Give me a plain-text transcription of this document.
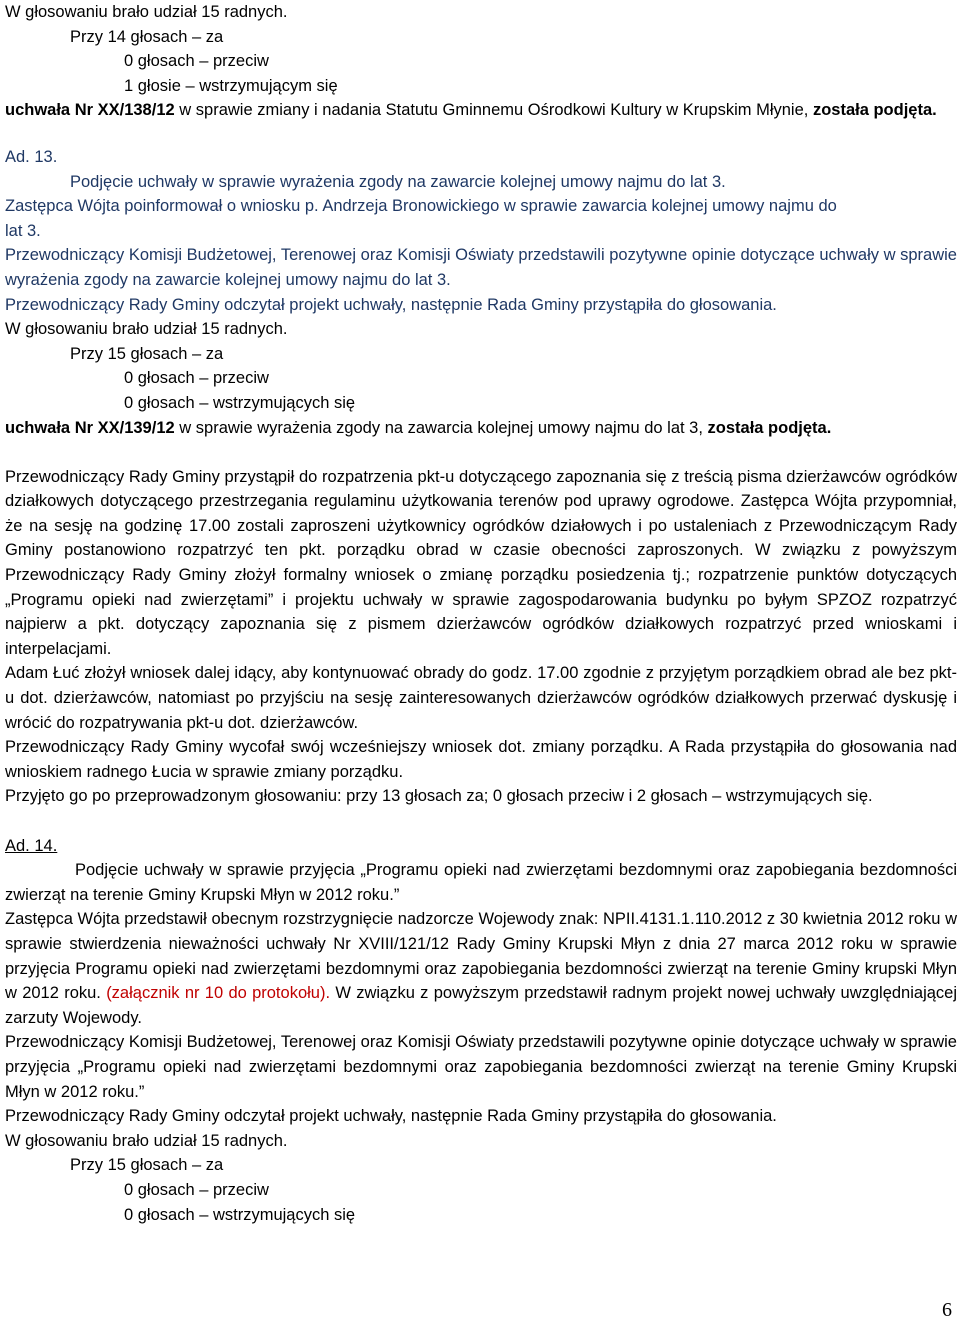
W głosowaniu brało udział 15 radnych.

Przy 14 głosach – za

0 głosach – przeciw

1 głosie – wstrzymującym się

uchwała Nr XX/138/12 w sprawie zmiany i nadania Statutu Gminnemu Ośrodkowi Kultury w Krupskim Młynie, została podjęta.

Ad. 13.

Podjęcie uchwały w sprawie wyrażenia zgody na zawarcie kolejnej umowy najmu do lat 3.

Zastępca Wójta poinformował o wniosku p. Andrzeja Bronowickiego w sprawie zawarcia kolejnej umowy najmu do

lat 3.

Przewodniczący Komisji Budżetowej, Terenowej oraz Komisji Oświaty przedstawili pozytywne opinie dotyczące uchwały w sprawie wyrażenia zgody na zawarcie kolejnej umowy najmu do lat 3.

Przewodniczący Rady Gminy odczytał projekt uchwały, następnie Rada Gminy przystąpiła do głosowania.

W głosowaniu brało udział 15 radnych.

Przy 15 głosach – za

0 głosach – przeciw

0 głosach – wstrzymujących się

uchwała Nr XX/139/12 w sprawie wyrażenia zgody na zawarcia kolejnej umowy najmu do lat 3, została podjęta.

Przewodniczący Rady Gminy przystąpił do rozpatrzenia pkt-u dotyczącego zapoznania się z treścią pisma dzierżawców ogródków działkowych dotyczącego przestrzegania regulaminu użytkowania terenów pod uprawy ogrodowe. Zastępca Wójta przypomniał, że na sesję na godzinę 17.00 zostali zaproszeni użytkownicy ogródków działowych i po ustaleniach z Przewodniczącym Rady Gminy postanowiono rozpatrzyć ten pkt. porządku obrad w czasie obecności zaproszonych. W związku z powyższym Przewodniczący Rady Gminy złożył formalny wniosek o zmianę porządku posiedzenia tj.; rozpatrzenie punktów dotyczących „Programu opieki nad zwierzętami” i projektu uchwały w sprawie zagospodarowania budynku po byłym SPZOZ rozpatrzyć najpierw a pkt. dotyczący zapoznania się z pismem dzierżawców ogródków działkowych rozpatrzyć przed wnioskami i interpelacjami.

Adam Łuć złożył wniosek dalej idący, aby kontynuować obrady do godz. 17.00 zgodnie z przyjętym porządkiem obrad ale bez pkt-u dot. dzierżawców, natomiast po przyjściu na sesję zainteresowanych dzierżawców ogródków działkowych przerwać dyskusję i wrócić do rozpatrywania pkt-u dot. dzierżawców.

Przewodniczący Rady Gminy wycofał swój wcześniejszy wniosek dot. zmiany porządku. A Rada przystąpiła do głosowania nad wnioskiem radnego Łucia w sprawie zmiany porządku.

Przyjęto go po przeprowadzonym głosowaniu: przy 13 głosach za; 0 głosach przeciw i 2 głosach – wstrzymujących się.

Ad. 14.

Podjęcie uchwały w sprawie przyjęcia „Programu opieki nad zwierzętami bezdomnymi oraz zapobiegania bezdomności zwierząt na terenie Gminy Krupski Młyn w 2012 roku.”

Zastępca Wójta przedstawił obecnym rozstrzygnięcie nadzorcze Wojewody znak: NPII.4131.1.110.2012 z 30 kwietnia 2012 roku w sprawie stwierdzenia nieważności uchwały Nr XVIII/121/12 Rady Gminy Krupski Młyn z dnia 27 marca 2012 roku w sprawie przyjęcia Programu opieki nad zwierzętami bezdomnymi oraz zapobiegania bezdomności zwierząt na terenie Gminy krupski Młyn w 2012 roku. (załącznik nr 10 do protokołu). W związku z powyższym przedstawił radnym projekt nowej uchwały uwzględniającej zarzuty Wojewody.

Przewodniczący Komisji Budżetowej, Terenowej oraz Komisji Oświaty przedstawili pozytywne opinie dotyczące uchwały w sprawie przyjęcia „Programu opieki nad zwierzętami bezdomnymi oraz zapobiegania bezdomności zwierząt na terenie Gminy Krupski Młyn w 2012 roku.”

Przewodniczący Rady Gminy odczytał projekt uchwały, następnie Rada Gminy przystąpiła do głosowania.

W głosowaniu brało udział 15 radnych.

Przy 15 głosach – za

0 głosach – przeciw

0 głosach – wstrzymujących się

6
